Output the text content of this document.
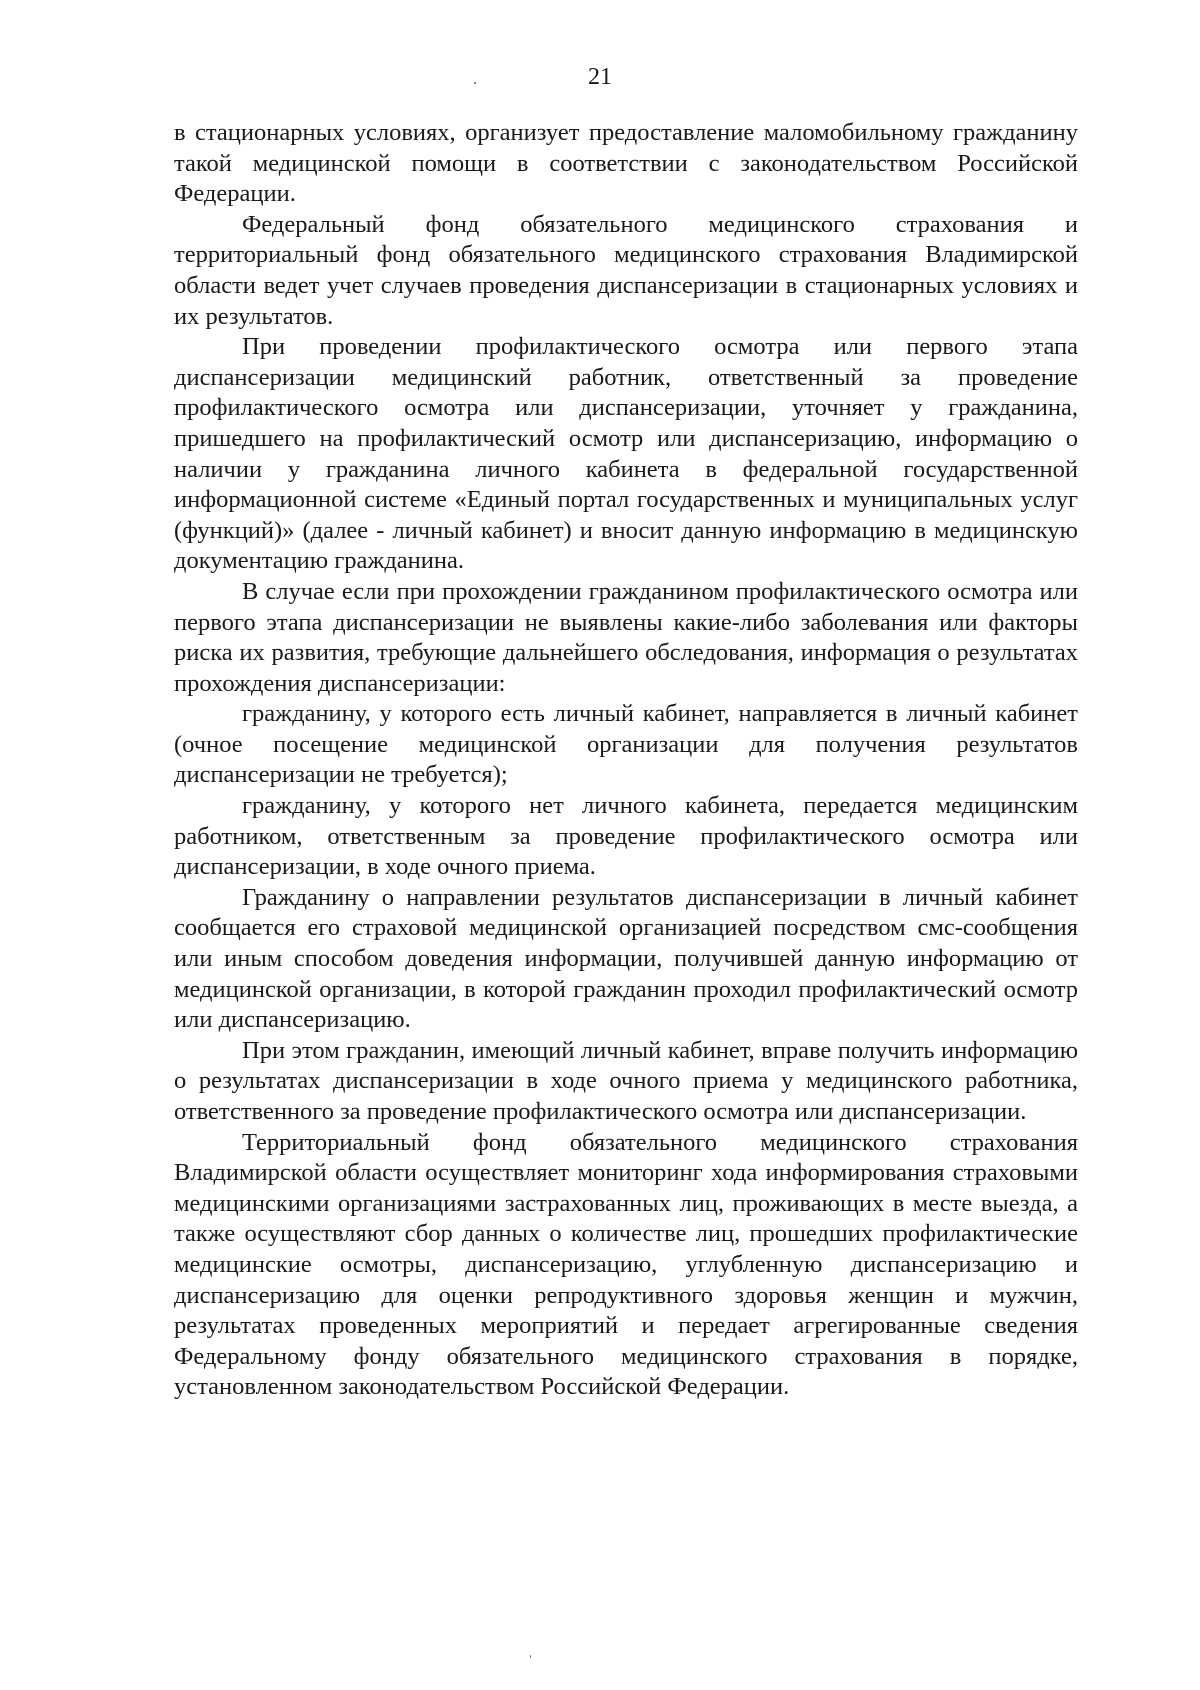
21

в стационарных условиях, организует предоставление маломобильному гражданину такой медицинской помощи в соответствии с законодательством Российской Федерации.

Федеральный фонд обязательного медицинского страхования и территориальный фонд обязательного медицинского страхования Владимирской области ведет учет случаев проведения диспансеризации в стационарных условиях и их результатов.

При проведении профилактического осмотра или первого этапа диспансеризации медицинский работник, ответственный за проведение профилактического осмотра или диспансеризации, уточняет у гражданина, пришедшего на профилактический осмотр или диспансеризацию, информацию о наличии у гражданина личного кабинета в федеральной государственной информационной системе «Единый портал государственных и муниципальных услуг (функций)» (далее - личный кабинет) и вносит данную информацию в медицинскую документацию гражданина.

В случае если при прохождении гражданином профилактического осмотра или первого этапа диспансеризации не выявлены какие-либо заболевания или факторы риска их развития, требующие дальнейшего обследования, информация о результатах прохождения диспансеризации:

гражданину, у которого есть личный кабинет, направляется в личный кабинет (очное посещение медицинской организации для получения результатов диспансеризации не требуется);

гражданину, у которого нет личного кабинета, передается медицинским работником, ответственным за проведение профилактического осмотра или диспансеризации, в ходе очного приема.

Гражданину о направлении результатов диспансеризации в личный кабинет сообщается его страховой медицинской организацией посредством смс-сообщения или иным способом доведения информации, получившей данную информацию от медицинской организации, в которой гражданин проходил профилактический осмотр или диспансеризацию.

При этом гражданин, имеющий личный кабинет, вправе получить информацию о результатах диспансеризации в ходе очного приема у медицинского работника, ответственного за проведение профилактического осмотра или диспансеризации.

Территориальный фонд обязательного медицинского страхования Владимирской области осуществляет мониторинг хода информирования страховыми медицинскими организациями застрахованных лиц, проживающих в месте выезда, а также осуществляют сбор данных о количестве лиц, прошедших профилактические медицинские осмотры, диспансеризацию, углубленную диспансеризацию и диспансеризацию для оценки репродуктивного здоровья женщин и мужчин, результатах проведенных мероприятий и передает агрегированные сведения Федеральному фонду обязательного медицинского страхования в порядке, установленном законодательством Российской Федерации.
